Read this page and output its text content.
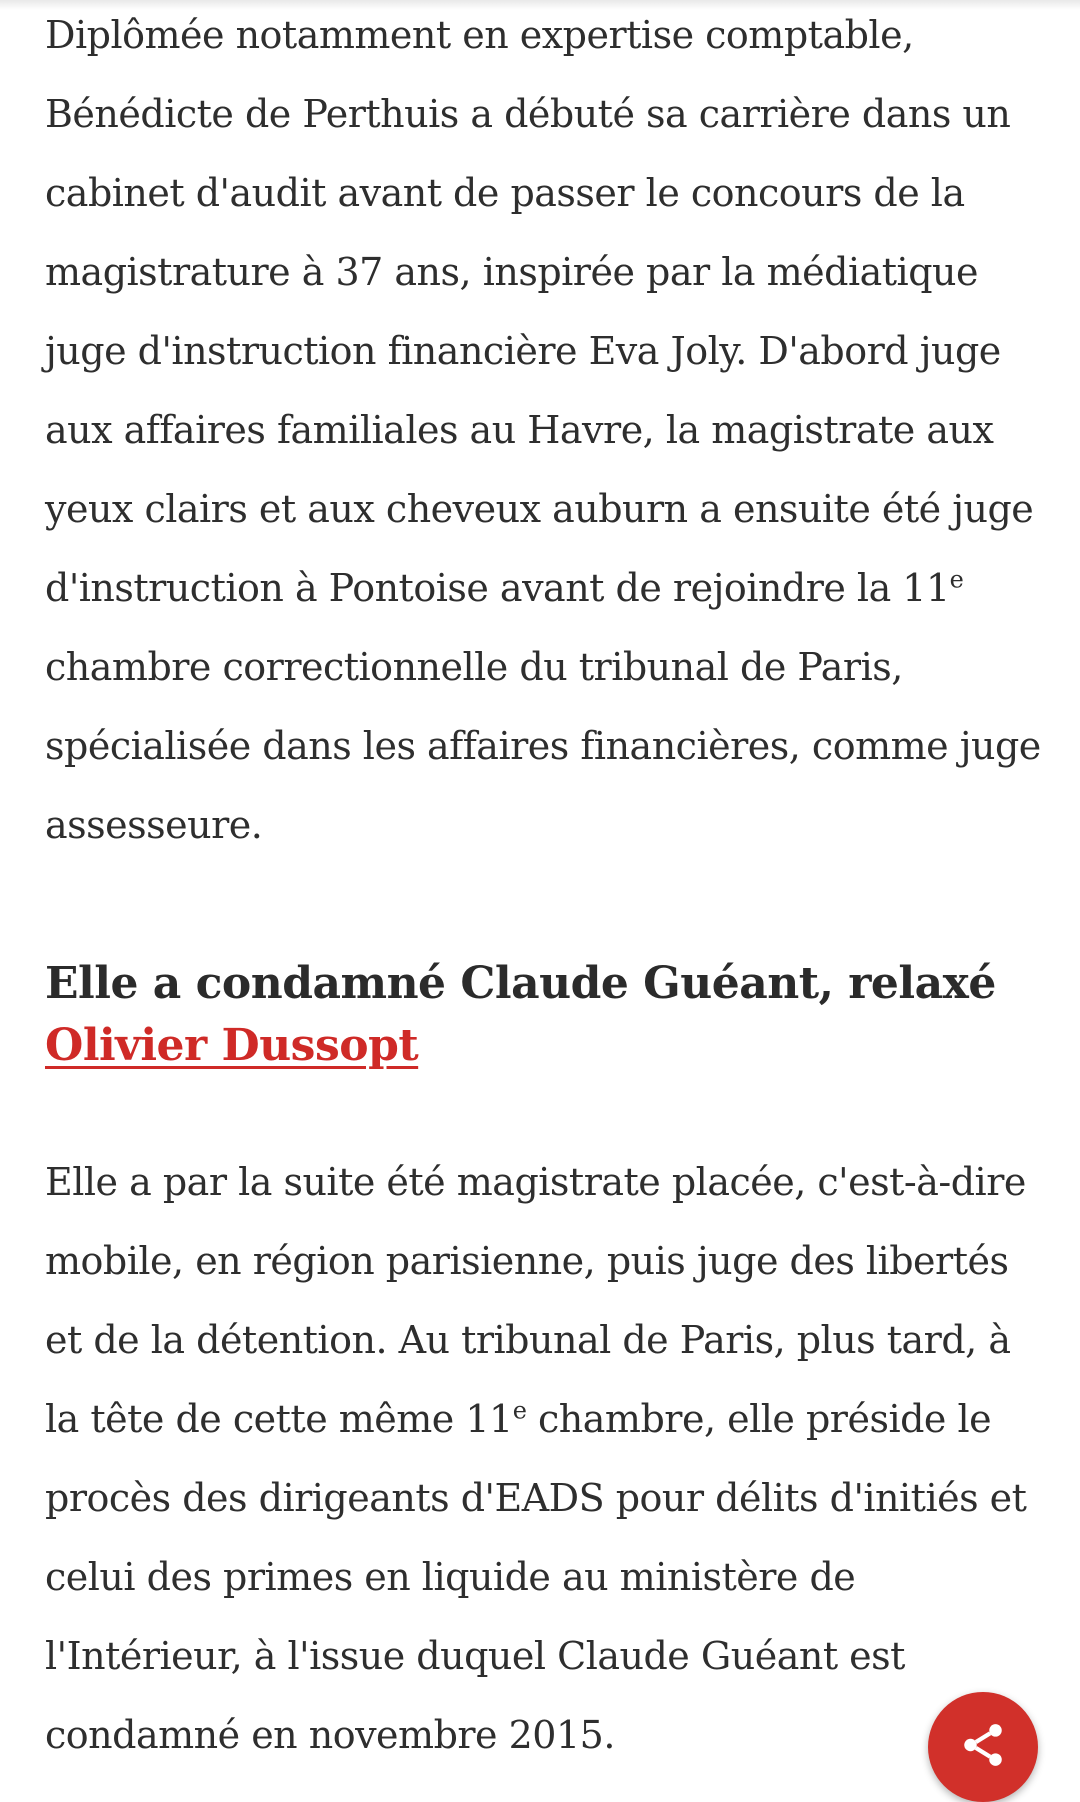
Diplômée notamment en expertise comptable, Bénédicte de Perthuis a débuté sa carrière dans un cabinet d'audit avant de passer le concours de la magistrature à 37 ans, inspirée par la médiatique juge d'instruction financière Eva Joly. D'abord juge aux affaires familiales au Havre, la magistrate aux yeux clairs et aux cheveux auburn a ensuite été juge d'instruction à Pontoise avant de rejoindre la 11e chambre correctionnelle du tribunal de Paris, spécialisée dans les affaires financières, comme juge assesseure.

Elle a condamné Claude Guéant, relaxé Olivier Dussopt

Elle a par la suite été magistrate placée, c'est-à-dire mobile, en région parisienne, puis juge des libertés et de la détention. Au tribunal de Paris, plus tard, à la tête de cette même 11e chambre, elle préside le procès des dirigeants d'EADS pour délits d'initiés et celui des primes en liquide au ministère de l'Intérieur, à l'issue duquel Claude Guéant est condamné en novembre 2015.
